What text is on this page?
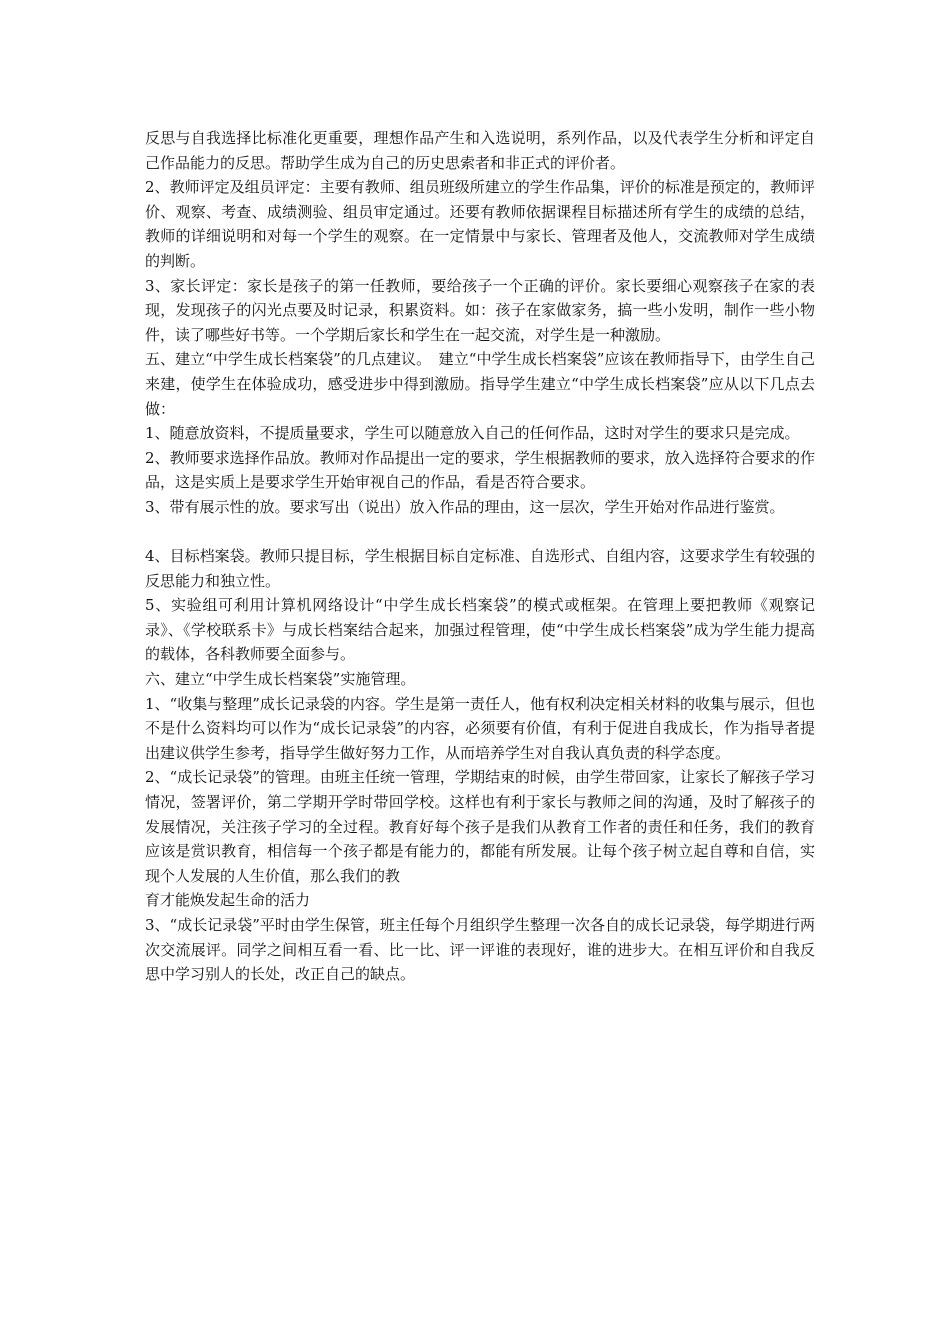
反思与自我选择比标准化更重要，理想作品产生和入选说明，系列作品，以及代表学生分析和评定自己作品能力的反思。帮助学生成为自己的历史思索者和非正式的评价者。

2、教师评定及组员评定：主要有教师、组员班级所建立的学生作品集，评价的标准是预定的，教师评价、观察、考查、成绩测验、组员审定通过。还要有教师依据课程目标描述所有学生的成绩的总结，教师的详细说明和对每一个学生的观察。在一定情景中与家长、管理者及他人，交流教师对学生成绩的判断。

3、家长评定：家长是孩子的第一任教师，要给孩子一个正确的评价。家长要细心观察孩子在家的表现，发现孩子的闪光点要及时记录，积累资料。如：孩子在家做家务，搞一些小发明，制作一些小物件，读了哪些好书等。一个学期后家长和学生在一起交流，对学生是一种激励。

五、建立“中学生成长档案袋”的几点建议。　建立“中学生成长档案袋”应该在教师指导下，由学生自己来建，使学生在体验成功，感受进步中得到激励。指导学生建立“中学生成长档案袋”应从以下几点去做：

1、随意放资料，不提质量要求，学生可以随意放入自己的任何作品，这时对学生的要求只是完成。

2、教师要求选择作品放。教师对作品提出一定的要求，学生根据教师的要求，放入选择符合要求的作品，这是实质上是要求学生开始审视自己的作品，看是否符合要求。

3、带有展示性的放。要求写出（说出）放入作品的理由，这一层次，学生开始对作品进行鉴赏。

4、目标档案袋。教师只提目标，学生根据目标自定标准、自选形式、自组内容，这要求学生有较强的反思能力和独立性。

5、实验组可利用计算机网络设计“中学生成长档案袋”的模式或框架。在管理上要把教师《观察记录》、《学校联系卡》与成长档案结合起来，加强过程管理，使“中学生成长档案袋”成为学生能力提高的载体，各科教师要全面参与。

六、建立“中学生成长档案袋”实施管理。

1、“收集与整理”成长记录袋的内容。学生是第一责任人，他有权利决定相关材料的收集与展示，但也不是什么资料均可以作为“成长记录袋”的内容，必须要有价值，有利于促进自我成长，作为指导者提出建议供学生参考，指导学生做好努力工作，从而培养学生对自我认真负责的科学态度。

2、“成长记录袋”的管理。由班主任统一管理，学期结束的时候，由学生带回家，让家长了解孩子学习情况，签署评价，第二学期开学时带回学校。这样也有利于家长与教师之间的沟通，及时了解孩子的发展情况，关注孩子学习的全过程。教育好每个孩子是我们从教育工作者的责任和任务，我们的教育应该是赏识教育，相信每一个孩子都是有能力的，都能有所发展。让每个孩子树立起自尊和自信，实现个人发展的人生价值，那么我们的教

育才能焕发起生命的活力

3、“成长记录袋”平时由学生保管，班主任每个月组织学生整理一次各自的成长记录袋，每学期进行两次交流展评。同学之间相互看一看、比一比、评一评谁的表现好，谁的进步大。在相互评价和自我反思中学习别人的长处，改正自己的缺点。
